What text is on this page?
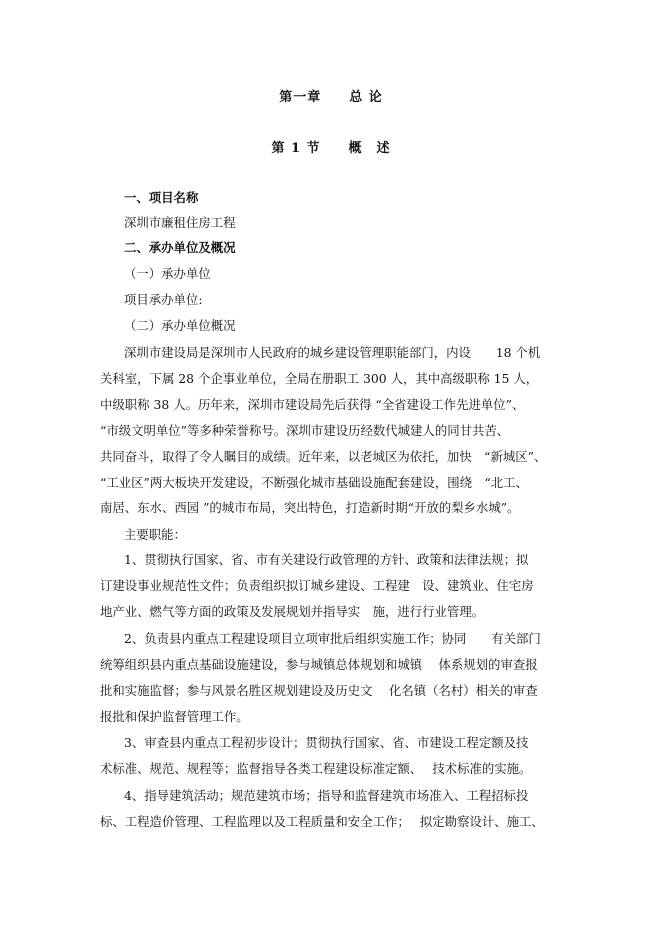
第一章　　总 论
第 1 节　　概　述
一、项目名称
深圳市廉租住房工程
二、承办单位及概况
（一）承办单位
项目承办单位:
（二）承办单位概况
深圳市建设局是深圳市人民政府的城乡建设管理职能部门，内设　　18 个机
关科室，下属 28 个企事业单位，全局在册职工 300 人，其中高级职称 15 人，
中级职称 38 人。历年来，深圳市建设局先后获得 “全省建设工作先进单位”、
“市级文明单位”等多种荣誉称号。深圳市建设历经数代城建人的同甘共苦、
共同奋斗，取得了令人瞩目的成绩。近年来，以老城区为依托，加快　“新城区”、
“工业区”两大板块开发建设，不断强化城市基础设施配套建设，围绕　“北工、
南居、东水、西园 ”的城市布局，突出特色，打造新时期“开放的梨乡水城”。
主要职能：
1、贯彻执行国家、省、市有关建设行政管理的方针、政策和法律法规；拟
订建设事业规范性文件；负责组织拟订城乡建设、工程建　设、建筑业、住宅房
地产业、燃气等方面的政策及发展规划并指导实　施，进行行业管理。
2、负责县内重点工程建设项目立项审批后组织实施工作；协同　　有关部门
统筹组织县内重点基础设施建设，参与城镇总体规划和城镇　 体系规划的审查报
批和实施监督；参与风景名胜区规划建设及历史文　 化名镇（名村）相关的审查
报批和保护监督管理工作。
3、审查县内重点工程初步设计；贯彻执行国家、省、市建设工程定额及技
术标准、规范、规程等；监督指导各类工程建设标准定额、　 技术标准的实施。
4、指导建筑活动；规范建筑市场；指导和监督建筑市场准入、工程招标投
标、工程造价管理、工程监理以及工程质量和安全工作；　 拟定勘察设计、施工、
